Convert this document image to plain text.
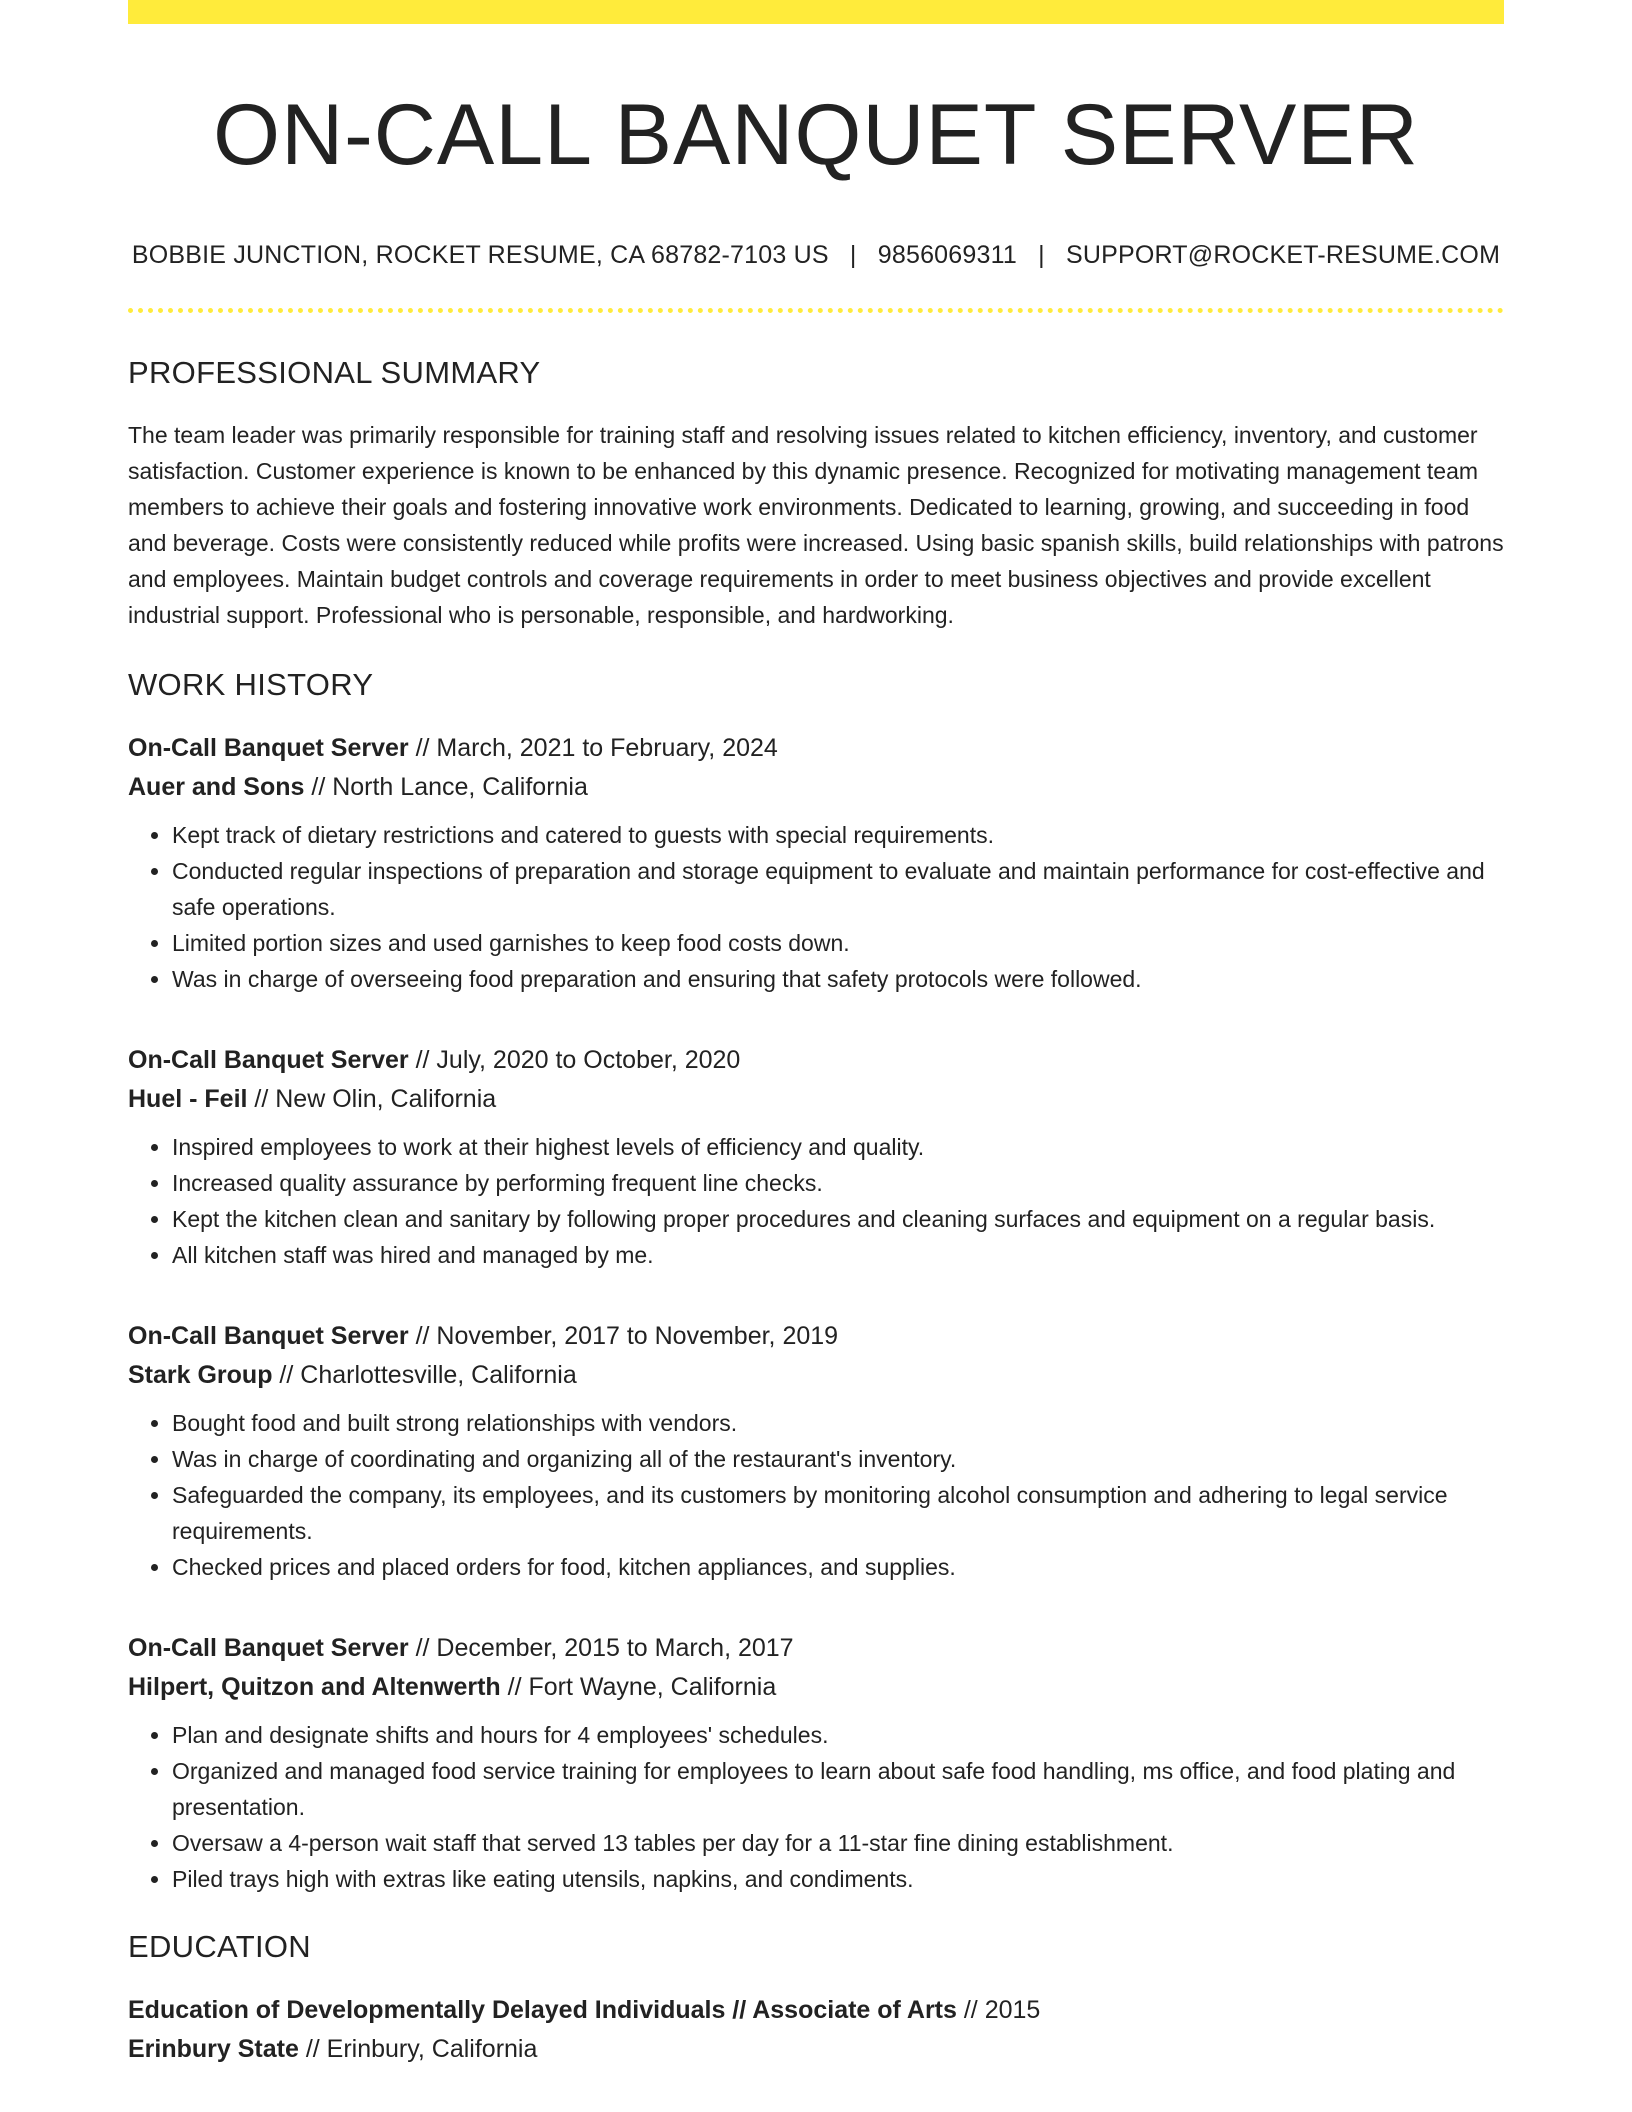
ON-CALL BANQUET SERVER
BOBBIE JUNCTION, ROCKET RESUME, CA 68782-7103 US | 9856069311 | SUPPORT@ROCKET-RESUME.COM
PROFESSIONAL SUMMARY
The team leader was primarily responsible for training staff and resolving issues related to kitchen efficiency, inventory, and customer satisfaction. Customer experience is known to be enhanced by this dynamic presence. Recognized for motivating management team members to achieve their goals and fostering innovative work environments. Dedicated to learning, growing, and succeeding in food and beverage. Costs were consistently reduced while profits were increased. Using basic spanish skills, build relationships with patrons and employees. Maintain budget controls and coverage requirements in order to meet business objectives and provide excellent industrial support. Professional who is personable, responsible, and hardworking.
WORK HISTORY
On-Call Banquet Server // March, 2021 to February, 2024
Auer and Sons // North Lance, California
• Kept track of dietary restrictions and catered to guests with special requirements.
• Conducted regular inspections of preparation and storage equipment to evaluate and maintain performance for cost-effective and safe operations.
• Limited portion sizes and used garnishes to keep food costs down.
• Was in charge of overseeing food preparation and ensuring that safety protocols were followed.
On-Call Banquet Server // July, 2020 to October, 2020
Huel - Feil // New Olin, California
• Inspired employees to work at their highest levels of efficiency and quality.
• Increased quality assurance by performing frequent line checks.
• Kept the kitchen clean and sanitary by following proper procedures and cleaning surfaces and equipment on a regular basis.
• All kitchen staff was hired and managed by me.
On-Call Banquet Server // November, 2017 to November, 2019
Stark Group // Charlottesville, California
• Bought food and built strong relationships with vendors.
• Was in charge of coordinating and organizing all of the restaurant's inventory.
• Safeguarded the company, its employees, and its customers by monitoring alcohol consumption and adhering to legal service requirements.
• Checked prices and placed orders for food, kitchen appliances, and supplies.
On-Call Banquet Server // December, 2015 to March, 2017
Hilpert, Quitzon and Altenwerth // Fort Wayne, California
• Plan and designate shifts and hours for 4 employees' schedules.
• Organized and managed food service training for employees to learn about safe food handling, ms office, and food plating and presentation.
• Oversaw a 4-person wait staff that served 13 tables per day for a 11-star fine dining establishment.
• Piled trays high with extras like eating utensils, napkins, and condiments.
EDUCATION
Education of Developmentally Delayed Individuals // Associate of Arts // 2015
Erinbury State // Erinbury, California
